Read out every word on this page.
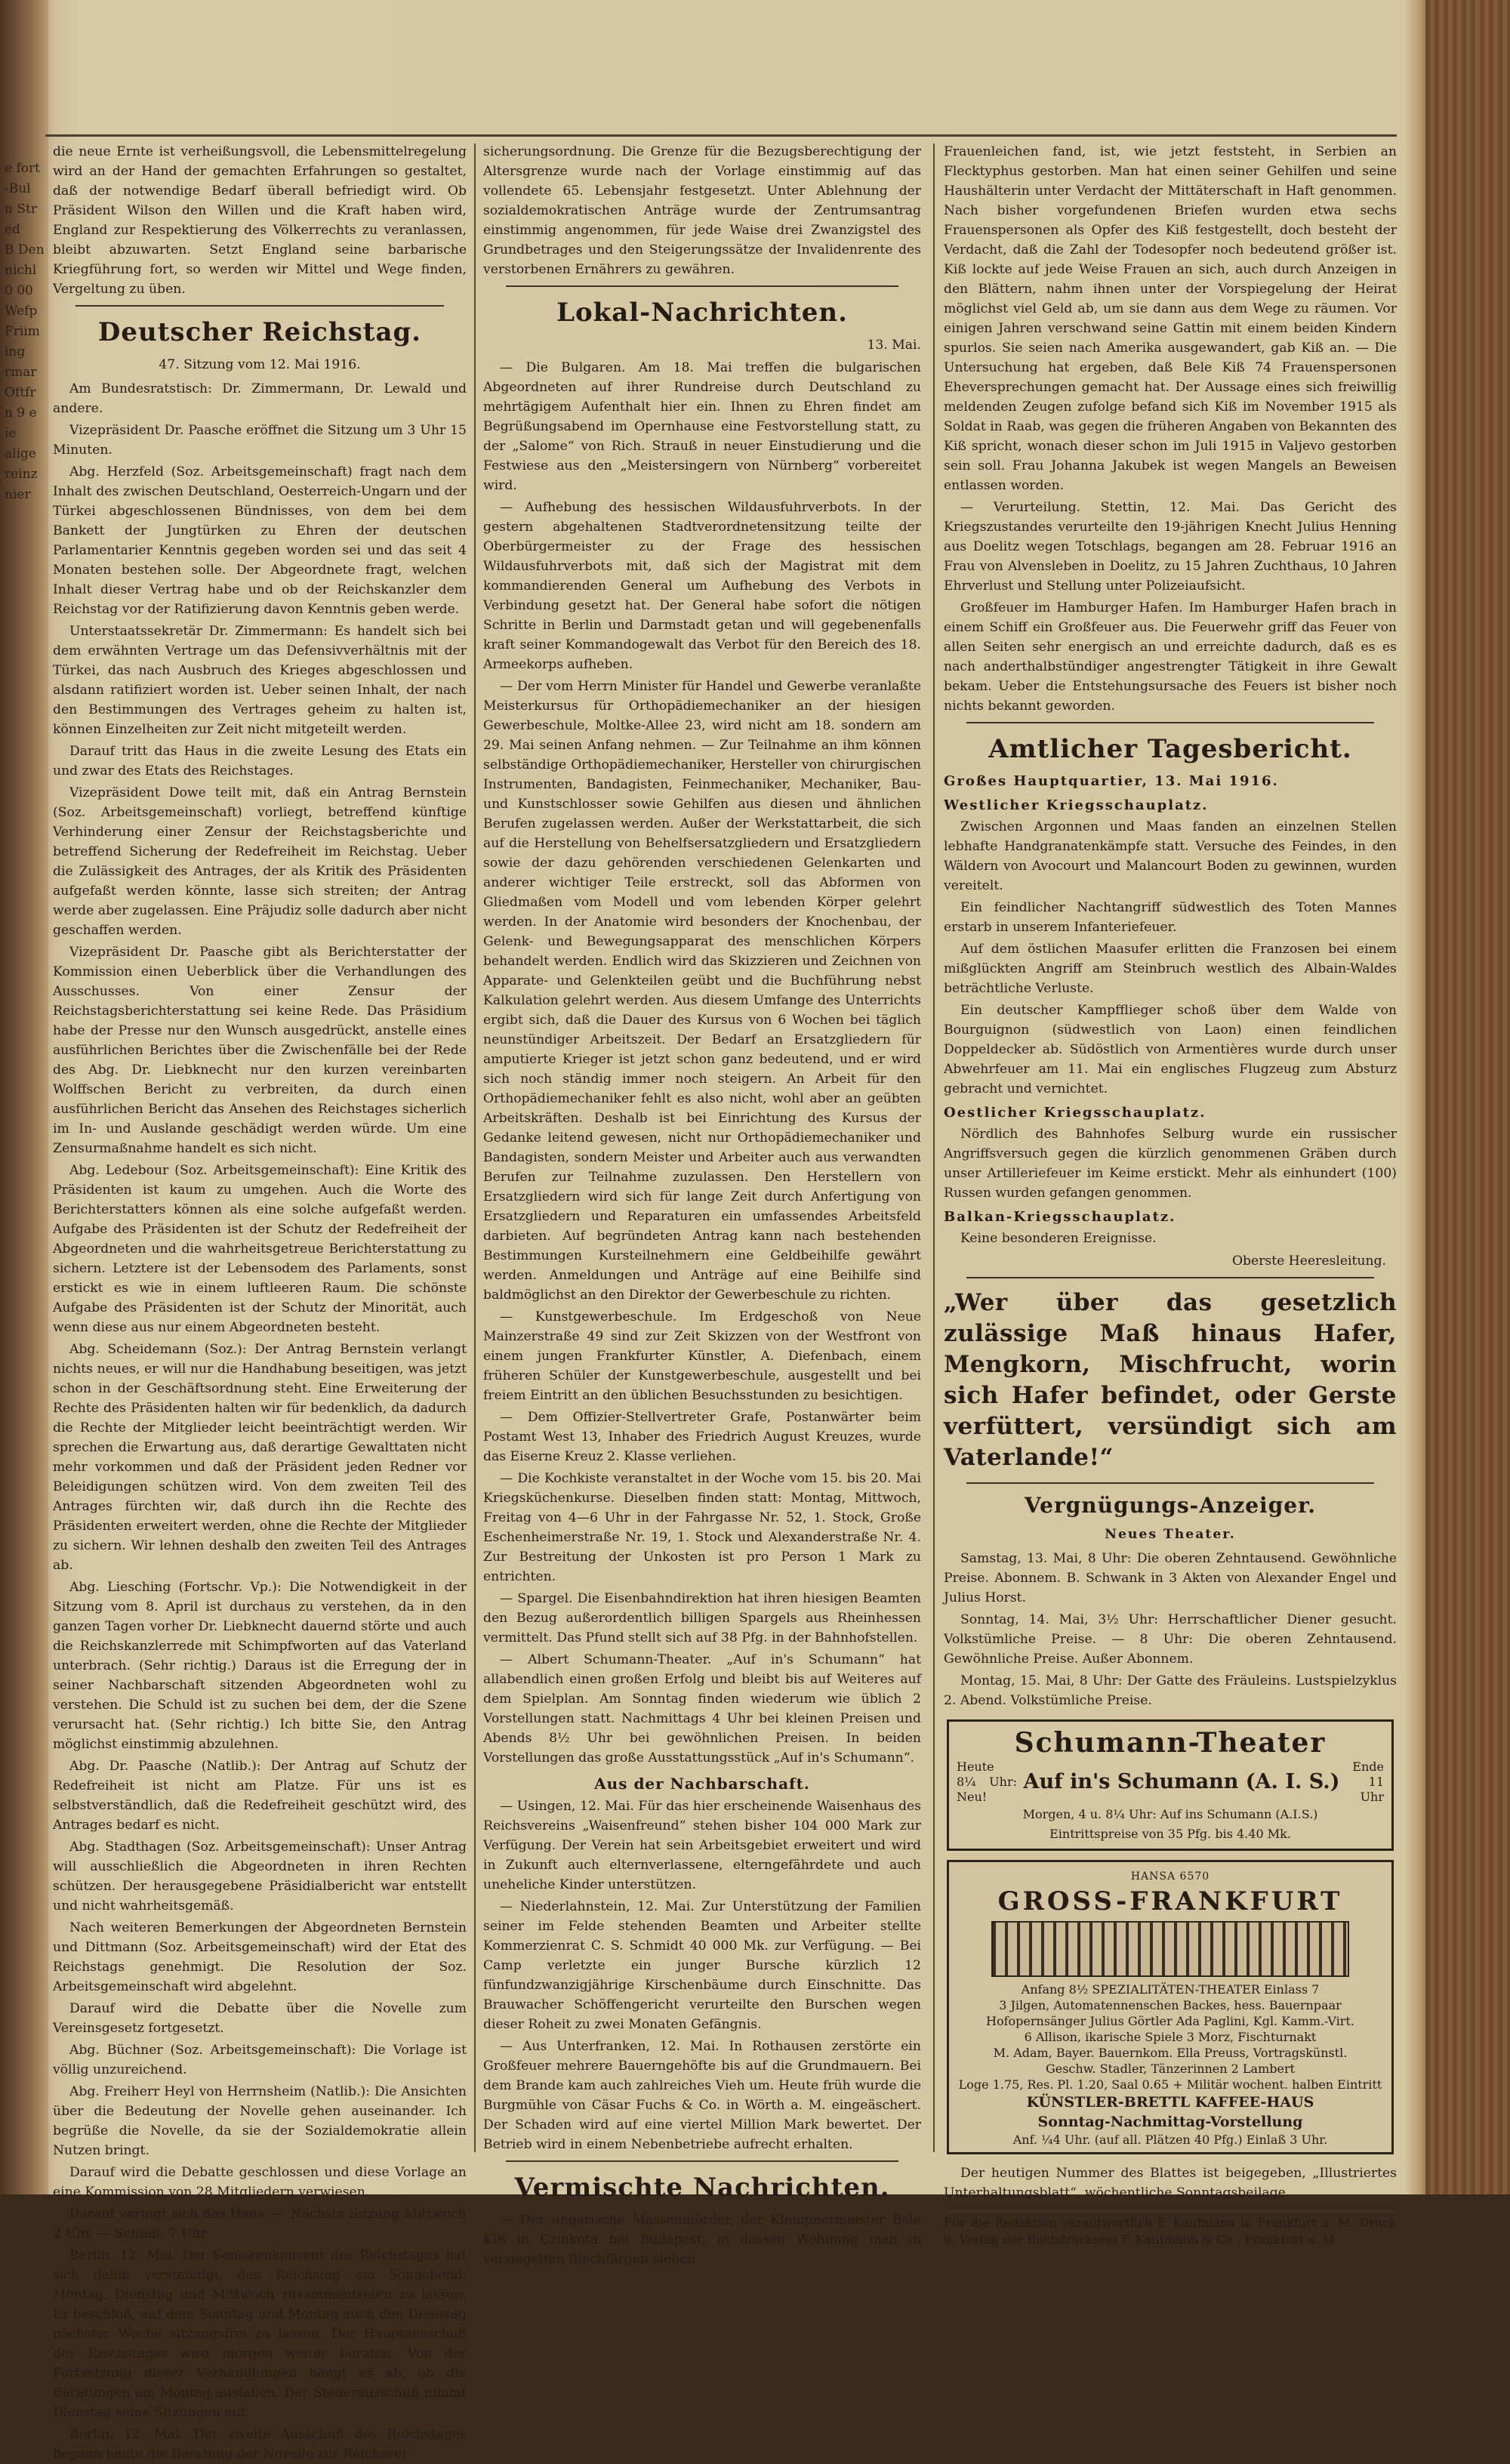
e fort
-Bul
n Str
ed
B Den
nichl
0 00
Wefp
Friim
ing
rmar
Oftfr
n 9 e
ie
alige
reinz
nier

die neue Ernte ist verheißungsvoll, die Lebensmittelregelung wird an der Hand der gemachten Erfahrungen so gestaltet, daß der notwendige Bedarf überall befriedigt wird. Ob Präsident Wilson den Willen und die Kraft haben wird, England zur Respektierung des Völkerrechts zu veranlassen, bleibt abzuwarten. Setzt England seine barbarische Kriegführung fort, so werden wir Mittel und Wege finden, Vergeltung zu üben.

Deutscher Reichstag.
47. Sitzung vom 12. Mai 1916.

Am Bundesratstisch: Dr. Zimmermann, Dr. Lewald und andere.

Vizepräsident Dr. Paasche eröffnet die Sitzung um 3 Uhr 15 Minuten.

Abg. Herzfeld (Soz. Arbeitsgemeinschaft) fragt nach dem Inhalt des zwischen Deutschland, Oesterreich-Ungarn und der Türkei abgeschlossenen Bündnisses, von dem bei dem Bankett der Jungtürken zu Ehren der deutschen Parlamentarier Kenntnis gegeben worden sei und das seit 4 Monaten bestehen solle. Der Abgeordnete fragt, welchen Inhalt dieser Vertrag habe und ob der Reichskanzler dem Reichstag vor der Ratifizierung davon Kenntnis geben werde.

Unterstaatssekretär Dr. Zimmermann: Es handelt sich bei dem erwähnten Vertrage um das Defensivverhältnis mit der Türkei, das nach Ausbruch des Krieges abgeschlossen und alsdann ratifiziert worden ist. Ueber seinen Inhalt, der nach den Bestimmungen des Vertrages geheim zu halten ist, können Einzelheiten zur Zeit nicht mitgeteilt werden.

Darauf tritt das Haus in die zweite Lesung des Etats ein und zwar des Etats des Reichstages.

Vizepräsident Dowe teilt mit, daß ein Antrag Bernstein (Soz. Arbeitsgemeinschaft) vorliegt, betreffend künftige Verhinderung einer Zensur der Reichstagsberichte und betreffend Sicherung der Redefreiheit im Reichstag. Ueber die Zulässigkeit des Antrages, der als Kritik des Präsidenten aufgefaßt werden könnte, lasse sich streiten; der Antrag werde aber zugelassen. Eine Präjudiz solle dadurch aber nicht geschaffen werden.

Vizepräsident Dr. Paasche gibt als Berichterstatter der Kommission einen Ueberblick über die Verhandlungen des Ausschusses. Von einer Zensur der Reichstagsberichterstattung sei keine Rede. Das Präsidium habe der Presse nur den Wunsch ausgedrückt, anstelle eines ausführlichen Berichtes über die Zwischenfälle bei der Rede des Abg. Dr. Liebknecht nur den kurzen vereinbarten Wolffschen Bericht zu verbreiten, da durch einen ausführlichen Bericht das Ansehen des Reichstages sicherlich im In- und Auslande geschädigt werden würde. Um eine Zensurmaßnahme handelt es sich nicht.

Abg. Ledebour (Soz. Arbeitsgemeinschaft): Eine Kritik des Präsidenten ist kaum zu umgehen. Auch die Worte des Berichterstatters können als eine solche aufgefaßt werden. Aufgabe des Präsidenten ist der Schutz der Redefreiheit der Abgeordneten und die wahrheitsgetreue Berichterstattung zu sichern. Letztere ist der Lebensodem des Parlaments, sonst erstickt es wie in einem luftleeren Raum. Die schönste Aufgabe des Präsidenten ist der Schutz der Minorität, auch wenn diese aus nur einem Abgeordneten besteht.

Abg. Scheidemann (Soz.): Der Antrag Bernstein verlangt nichts neues, er will nur die Handhabung beseitigen, was jetzt schon in der Geschäftsordnung steht. Eine Erweiterung der Rechte des Präsidenten halten wir für bedenklich, da dadurch die Rechte der Mitglieder leicht beeinträchtigt werden. Wir sprechen die Erwartung aus, daß derartige Gewalttaten nicht mehr vorkommen und daß der Präsident jeden Redner vor Beleidigungen schützen wird. Von dem zweiten Teil des Antrages fürchten wir, daß durch ihn die Rechte des Präsidenten erweitert werden, ohne die Rechte der Mitglieder zu sichern. Wir lehnen deshalb den zweiten Teil des Antrages ab.

Abg. Liesching (Fortschr. Vp.): Die Notwendigkeit in der Sitzung vom 8. April ist durchaus zu verstehen, da in den ganzen Tagen vorher Dr. Liebknecht dauernd störte und auch die Reichskanzlerrede mit Schimpfworten auf das Vaterland unterbrach. (Sehr richtig.) Daraus ist die Erregung der in seiner Nachbarschaft sitzenden Abgeordneten wohl zu verstehen. Die Schuld ist zu suchen bei dem, der die Szene verursacht hat. (Sehr richtig.) Ich bitte Sie, den Antrag möglichst einstimmig abzulehnen.

Abg. Dr. Paasche (Natlib.): Der Antrag auf Schutz der Redefreiheit ist nicht am Platze. Für uns ist es selbstverständlich, daß die Redefreiheit geschützt wird, des Antrages bedarf es nicht.

Abg. Stadthagen (Soz. Arbeitsgemeinschaft): Unser Antrag will ausschließlich die Abgeordneten in ihren Rechten schützen. Der herausgegebene Präsidialbericht war entstellt und nicht wahrheitsgemäß.

Nach weiteren Bemerkungen der Abgeordneten Bernstein und Dittmann (Soz. Arbeitsgemeinschaft) wird der Etat des Reichstags genehmigt. Die Resolution der Soz. Arbeitsgemeinschaft wird abgelehnt.

Darauf wird die Debatte über die Novelle zum Vereinsgesetz fortgesetzt.

Abg. Büchner (Soz. Arbeitsgemeinschaft): Die Vorlage ist völlig unzureichend.

Abg. Freiherr Heyl von Herrnsheim (Natlib.): Die Ansichten über die Bedeutung der Novelle gehen auseinander. Ich begrüße die Novelle, da sie der Sozialdemokratie allein Nutzen bringt.

Darauf wird die Debatte geschlossen und diese Vorlage an eine Kommission von 28 Mitgliedern verwiesen.

Darauf vertagt sich das Haus. — Nächste Sitzung Mittwoch 2 Uhr. — Schluß: 7 Uhr.

Berlin, 12. Mai. Der Seniorenkonvent des Reichstages hat sich dahin verständigt, den Reichstag am Sonnabend, Montag, Dienstag und Mittwoch zusammentreten zu lassen. Er beschloß, auf dem Sonntag und Montag auch den Dienstag nächster Woche sitzungsfrei zu lassen. Der Hauptausschuß des Reichstages wird morgen weiter beraten. Von der Fortsetzung dieser Verhandlungen hängt es ab, ob die Beratungen am Montag ausfallen. Der Steuerausschuß nimmt Dienstag seine Sitzungen auf.

Berlin, 12. Mai. Der zweite Ausschuß des Reichstages begann heute die Beratung der Novelle zur Reichsver-

sicherungsordnung. Die Grenze für die Bezugsberechtigung der Altersgrenze wurde nach der Vorlage einstimmig auf das vollendete 65. Lebensjahr festgesetzt. Unter Ablehnung der sozialdemokratischen Anträge wurde der Zentrumsantrag einstimmig angenommen, für jede Waise drei Zwanzigstel des Grundbetrages und den Steigerungssätze der Invalidenrente des verstorbenen Ernährers zu gewähren.

Lokal-Nachrichten.
13. Mai.

— Die Bulgaren. Am 18. Mai treffen die bulgarischen Abgeordneten auf ihrer Rundreise durch Deutschland zu mehrtägigem Aufenthalt hier ein. Ihnen zu Ehren findet am Begrüßungsabend im Opernhause eine Festvorstellung statt, zu der „Salome“ von Rich. Strauß in neuer Einstudierung und die Festwiese aus den „Meistersingern von Nürnberg“ vorbereitet wird.

— Aufhebung des hessischen Wildausfuhrverbots. In der gestern abgehaltenen Stadtverordnetensitzung teilte der Oberbürgermeister zu der Frage des hessischen Wildausfuhrverbots mit, daß sich der Magistrat mit dem kommandierenden General um Aufhebung des Verbots in Verbindung gesetzt hat. Der General habe sofort die nötigen Schritte in Berlin und Darmstadt getan und will gegebenenfalls kraft seiner Kommandogewalt das Verbot für den Bereich des 18. Armeekorps aufheben.

— Der vom Herrn Minister für Handel und Gewerbe veranlaßte Meisterkursus für Orthopädiemechaniker an der hiesigen Gewerbeschule, Moltke-Allee 23, wird nicht am 18. sondern am 29. Mai seinen Anfang nehmen. — Zur Teilnahme an ihm können selbständige Orthopädiemechaniker, Hersteller von chirurgischen Instrumenten, Bandagisten, Feinmechaniker, Mechaniker, Bau- und Kunstschlosser sowie Gehilfen aus diesen und ähnlichen Berufen zugelassen werden. Außer der Werkstattarbeit, die sich auf die Herstellung von Behelfsersatzgliedern und Ersatzgliedern sowie der dazu gehörenden verschiedenen Gelenkarten und anderer wichtiger Teile erstreckt, soll das Abformen von Gliedmaßen vom Modell und vom lebenden Körper gelehrt werden. In der Anatomie wird besonders der Knochenbau, der Gelenk- und Bewegungsapparat des menschlichen Körpers behandelt werden. Endlich wird das Skizzieren und Zeichnen von Apparate- und Gelenkteilen geübt und die Buchführung nebst Kalkulation gelehrt werden. Aus diesem Umfange des Unterrichts ergibt sich, daß die Dauer des Kursus von 6 Wochen bei täglich neunstündiger Arbeitszeit. Der Bedarf an Ersatzgliedern für amputierte Krieger ist jetzt schon ganz bedeutend, und er wird sich noch ständig immer noch steigern. An Arbeit für den Orthopädiemechaniker fehlt es also nicht, wohl aber an geübten Arbeitskräften. Deshalb ist bei Einrichtung des Kursus der Gedanke leitend gewesen, nicht nur Orthopädiemechaniker und Bandagisten, sondern Meister und Arbeiter auch aus verwandten Berufen zur Teilnahme zuzulassen. Den Herstellern von Ersatzgliedern wird sich für lange Zeit durch Anfertigung von Ersatzgliedern und Reparaturen ein umfassendes Arbeitsfeld darbieten. Auf begründeten Antrag kann nach bestehenden Bestimmungen Kursteilnehmern eine Geldbeihilfe gewährt werden. Anmeldungen und Anträge auf eine Beihilfe sind baldmöglichst an den Direktor der Gewerbeschule zu richten.

— Kunstgewerbeschule. Im Erdgeschoß von Neue Mainzerstraße 49 sind zur Zeit Skizzen von der Westfront von einem jungen Frankfurter Künstler, A. Diefenbach, einem früheren Schüler der Kunstgewerbeschule, ausgestellt und bei freiem Eintritt an den üblichen Besuchsstunden zu besichtigen.

— Dem Offizier-Stellvertreter Grafe, Postanwärter beim Postamt West 13, Inhaber des Friedrich August Kreuzes, wurde das Eiserne Kreuz 2. Klasse verliehen.

— Die Kochkiste veranstaltet in der Woche vom 15. bis 20. Mai Kriegsküchenkurse. Dieselben finden statt: Montag, Mittwoch, Freitag von 4—6 Uhr in der Fahrgasse Nr. 52, 1. Stock, Große Eschenheimerstraße Nr. 19, 1. Stock und Alexanderstraße Nr. 4. Zur Bestreitung der Unkosten ist pro Person 1 Mark zu entrichten.

— Spargel. Die Eisenbahndirektion hat ihren hiesigen Beamten den Bezug außerordentlich billigen Spargels aus Rheinhessen vermittelt. Das Pfund stellt sich auf 38 Pfg. in der Bahnhofstellen.

— Albert Schumann-Theater. „Auf in's Schumann“ hat allabendlich einen großen Erfolg und bleibt bis auf Weiteres auf dem Spielplan. Am Sonntag finden wiederum wie üblich 2 Vorstellungen statt. Nachmittags 4 Uhr bei kleinen Preisen und Abends 8½ Uhr bei gewöhnlichen Preisen. In beiden Vorstellungen das große Ausstattungsstück „Auf in's Schumann“.

Aus der Nachbarschaft.

— Usingen, 12. Mai. Für das hier erscheinende Waisenhaus des Reichsvereins „Waisenfreund“ stehen bisher 104 000 Mark zur Verfügung. Der Verein hat sein Arbeitsgebiet erweitert und wird in Zukunft auch elternverlassene, elterngefährdete und auch uneheliche Kinder unterstützen.

— Niederlahnstein, 12. Mai. Zur Unterstützung der Familien seiner im Felde stehenden Beamten und Arbeiter stellte Kommerzienrat C. S. Schmidt 40 000 Mk. zur Verfügung. — Bei Camp verletzte ein junger Bursche kürzlich 12 fünfundzwanzigjährige Kirschenbäume durch Einschnitte. Das Brauwacher Schöffengericht verurteilte den Burschen wegen dieser Roheit zu zwei Monaten Gefängnis.

— Aus Unterfranken, 12. Mai. In Rothausen zerstörte ein Großfeuer mehrere Bauerngehöfte bis auf die Grundmauern. Bei dem Brande kam auch zahlreiches Vieh um. Heute früh wurde die Burgmühle von Cäsar Fuchs & Co. in Wörth a. M. eingeäschert. Der Schaden wird auf eine viertel Million Mark bewertet. Der Betrieb wird in einem Nebenbetriebe aufrecht erhalten.

Vermischte Nachrichten.

— Der ungarische Massenmörder, der Klempnermeister Bele Kiß in Czinkota bei Budapest, in dessen Wohnung man in versiegelten Blechfärgen sieben

Frauenleichen fand, ist, wie jetzt feststeht, in Serbien an Flecktyphus gestorben. Man hat einen seiner Gehilfen und seine Haushälterin unter Verdacht der Mittäterschaft in Haft genommen. Nach bisher vorgefundenen Briefen wurden etwa sechs Frauenspersonen als Opfer des Kiß festgestellt, doch besteht der Verdacht, daß die Zahl der Todesopfer noch bedeutend größer ist. Kiß lockte auf jede Weise Frauen an sich, auch durch Anzeigen in den Blättern, nahm ihnen unter der Vorspiegelung der Heirat möglichst viel Geld ab, um sie dann aus dem Wege zu räumen. Vor einigen Jahren verschwand seine Gattin mit einem beiden Kindern spurlos. Sie seien nach Amerika ausgewandert, gab Kiß an. — Die Untersuchung hat ergeben, daß Bele Kiß 74 Frauenspersonen Eheversprechungen gemacht hat. Der Aussage eines sich freiwillig meldenden Zeugen zufolge befand sich Kiß im November 1915 als Soldat in Raab, was gegen die früheren Angaben von Bekannten des Kiß spricht, wonach dieser schon im Juli 1915 in Valjevo gestorben sein soll. Frau Johanna Jakubek ist wegen Mangels an Beweisen entlassen worden.

— Verurteilung. Stettin, 12. Mai. Das Gericht des Kriegszustandes verurteilte den 19-jährigen Knecht Julius Henning aus Doelitz wegen Totschlags, begangen am 28. Februar 1916 an Frau von Alvensleben in Doelitz, zu 15 Jahren Zuchthaus, 10 Jahren Ehrverlust und Stellung unter Polizeiaufsicht.

Großfeuer im Hamburger Hafen. Im Hamburger Hafen brach in einem Schiff ein Großfeuer aus. Die Feuerwehr griff das Feuer von allen Seiten sehr energisch an und erreichte dadurch, daß es es nach anderthalbstündiger angestrengter Tätigkeit in ihre Gewalt bekam. Ueber die Entstehungsursache des Feuers ist bisher noch nichts bekannt geworden.

Amtlicher Tagesbericht.
Großes Hauptquartier, 13. Mai 1916.
Westlicher Kriegsschauplatz.

Zwischen Argonnen und Maas fanden an einzelnen Stellen lebhafte Handgranatenkämpfe statt. Versuche des Feindes, in den Wäldern von Avocourt und Malancourt Boden zu gewinnen, wurden vereitelt.

Ein feindlicher Nachtangriff südwestlich des Toten Mannes erstarb in unserem Infanteriefeuer.

Auf dem östlichen Maasufer erlitten die Franzosen bei einem mißglückten Angriff am Steinbruch westlich des Albain-Waldes beträchtliche Verluste.

Ein deutscher Kampfflieger schoß über dem Walde von Bourguignon (südwestlich von Laon) einen feindlichen Doppeldecker ab. Südöstlich von Armentières wurde durch unser Abwehrfeuer am 11. Mai ein englisches Flugzeug zum Absturz gebracht und vernichtet.

Oestlicher Kriegsschauplatz.

Nördlich des Bahnhofes Selburg wurde ein russischer Angriffsversuch gegen die kürzlich genommenen Gräben durch unser Artilleriefeuer im Keime erstickt. Mehr als einhundert (100) Russen wurden gefangen genommen.

Balkan-Kriegsschauplatz.

Keine besonderen Ereignisse.

Oberste Heeresleitung.
„Wer über das gesetzlich zulässige Maß hinaus Hafer, Mengkorn, Mischfrucht, worin sich Hafer befindet, oder Gerste verfüttert, versündigt sich am Vaterlande!“
Vergnügungs-Anzeiger.
Neues Theater.

Samstag, 13. Mai, 8 Uhr: Die oberen Zehntausend. Gewöhnliche Preise. Abonnem. B. Schwank in 3 Akten von Alexander Engel und Julius Horst.

Sonntag, 14. Mai, 3½ Uhr: Herrschaftlicher Diener gesucht. Volkstümliche Preise. — 8 Uhr: Die oberen Zehntausend. Gewöhnliche Preise. Außer Abonnem.

Montag, 15. Mai, 8 Uhr: Der Gatte des Fräuleins. Lustspielzyklus 2. Abend. Volkstümliche Preise.

Schumann-Theater
Heute 8¼ Uhr: Neu!
Auf in's Schumann (A. I. S.)
Ende 11 Uhr
Morgen, 4 u. 8¼ Uhr: Auf ins Schumann (A.I.S.)
Eintrittspreise von 35 Pfg. bis 4.40 Mk.
HANSA 6570
GROSS-FRANKFURT
Anfang 8½ SPEZIALITÄTEN-THEATER Einlass 7
3 Jilgen, Automatennenschen Backes, hess. Bauernpaar
Hofopernsänger Julius Görtler Ada Paglini, Kgl. Kamm.-Virt.
6 Allison, ikarische Spiele 3 Morz, Fischturnakt
M. Adam, Bayer. Bauernkom. Ella Preuss, Vortragskünstl.
Geschw. Stadler, Tänzerinnen 2 Lambert
Loge 1.75, Res. Pl. 1.20, Saal 0.65 + Militär wochent. halben Eintritt
KÜNSTLER-BRETTL KAFFEE-HAUS
Sonntag-Nachmittag-Vorstellung
Anf. ¼4 Uhr. (auf all. Plätzen 40 Pfg.) Einlaß 3 Uhr.

Der heutigen Nummer des Blattes ist beigegeben, „Illustriertes Unterhaltungsblatt“, wöchentliche Sonntagsbeilage.

Für die Redaktion verantwortlich F. Kaufmann in Frankfurt a. M. Druck u. Verlag der Buchdruckerei F. Kaufmann & Co., Frankfurt a. M.
